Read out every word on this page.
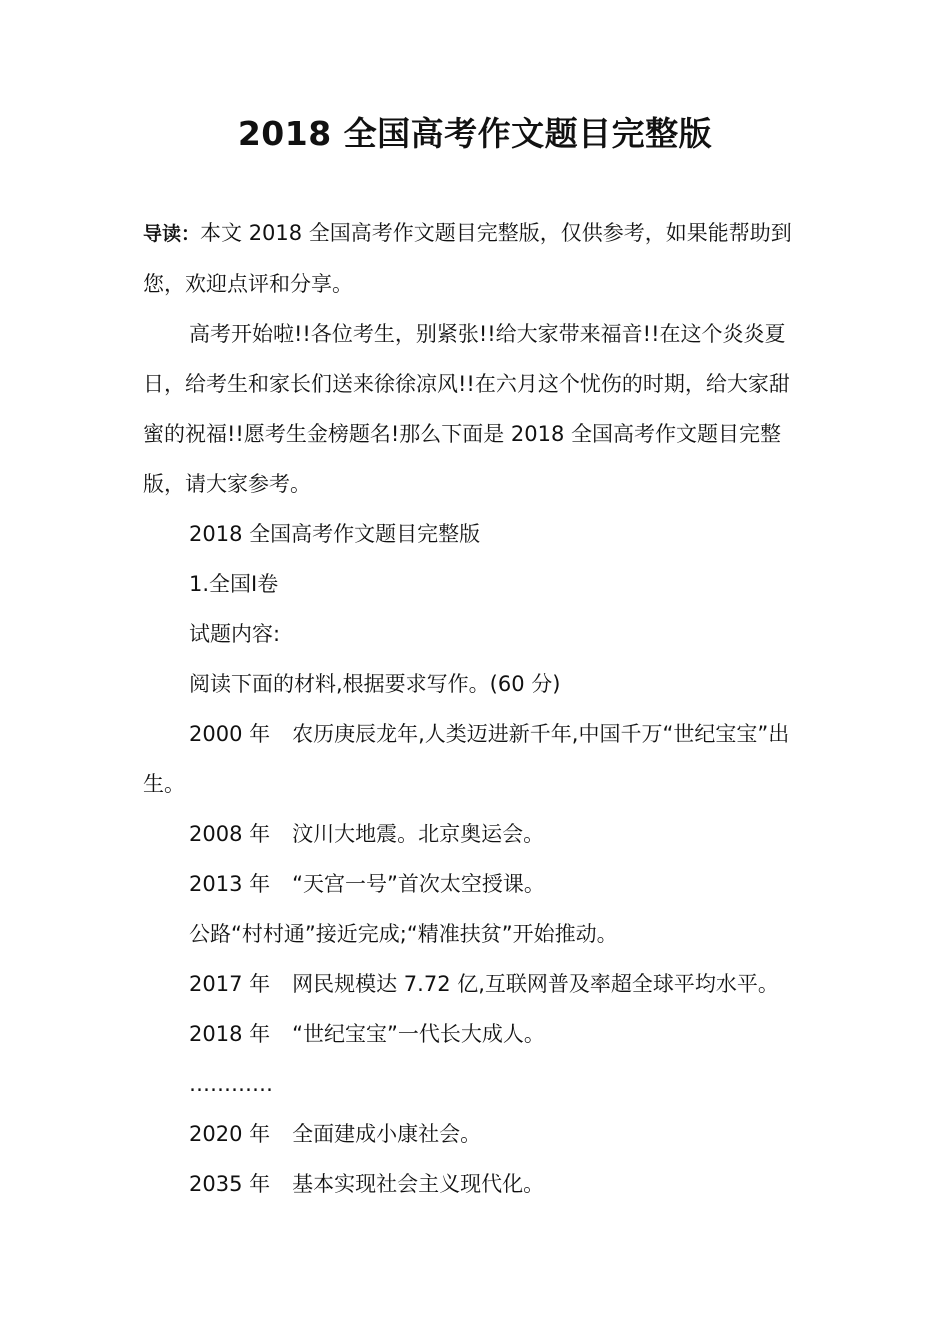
2018 全国高考作文题目完整版

导读：本文 2018 全国高考作文题目完整版，仅供参考，如果能帮助到您，欢迎点评和分享。

高考开始啦!!各位考生，别紧张!!给大家带来福音!!在这个炎炎夏日，给考生和家长们送来徐徐凉风!!在六月这个忧伤的时期，给大家甜蜜的祝福!!愿考生金榜题名!那么下面是 2018 全国高考作文题目完整版，请大家参考。

2018 全国高考作文题目完整版

1.全国Ⅰ卷

试题内容:

阅读下面的材料,根据要求写作。(60 分)

2000 年 农历庚辰龙年,人类迈进新千年,中国千万“世纪宝宝”出生。

2008 年 汶川大地震。北京奥运会。

2013 年 “天宫一号”首次太空授课。

公路“村村通”接近完成;“精准扶贫”开始推动。

2017 年 网民规模达 7.72 亿,互联网普及率超全球平均水平。

2018 年 “世纪宝宝”一代长大成人。

…………

2020 年 全面建成小康社会。

2035 年 基本实现社会主义现代化。
